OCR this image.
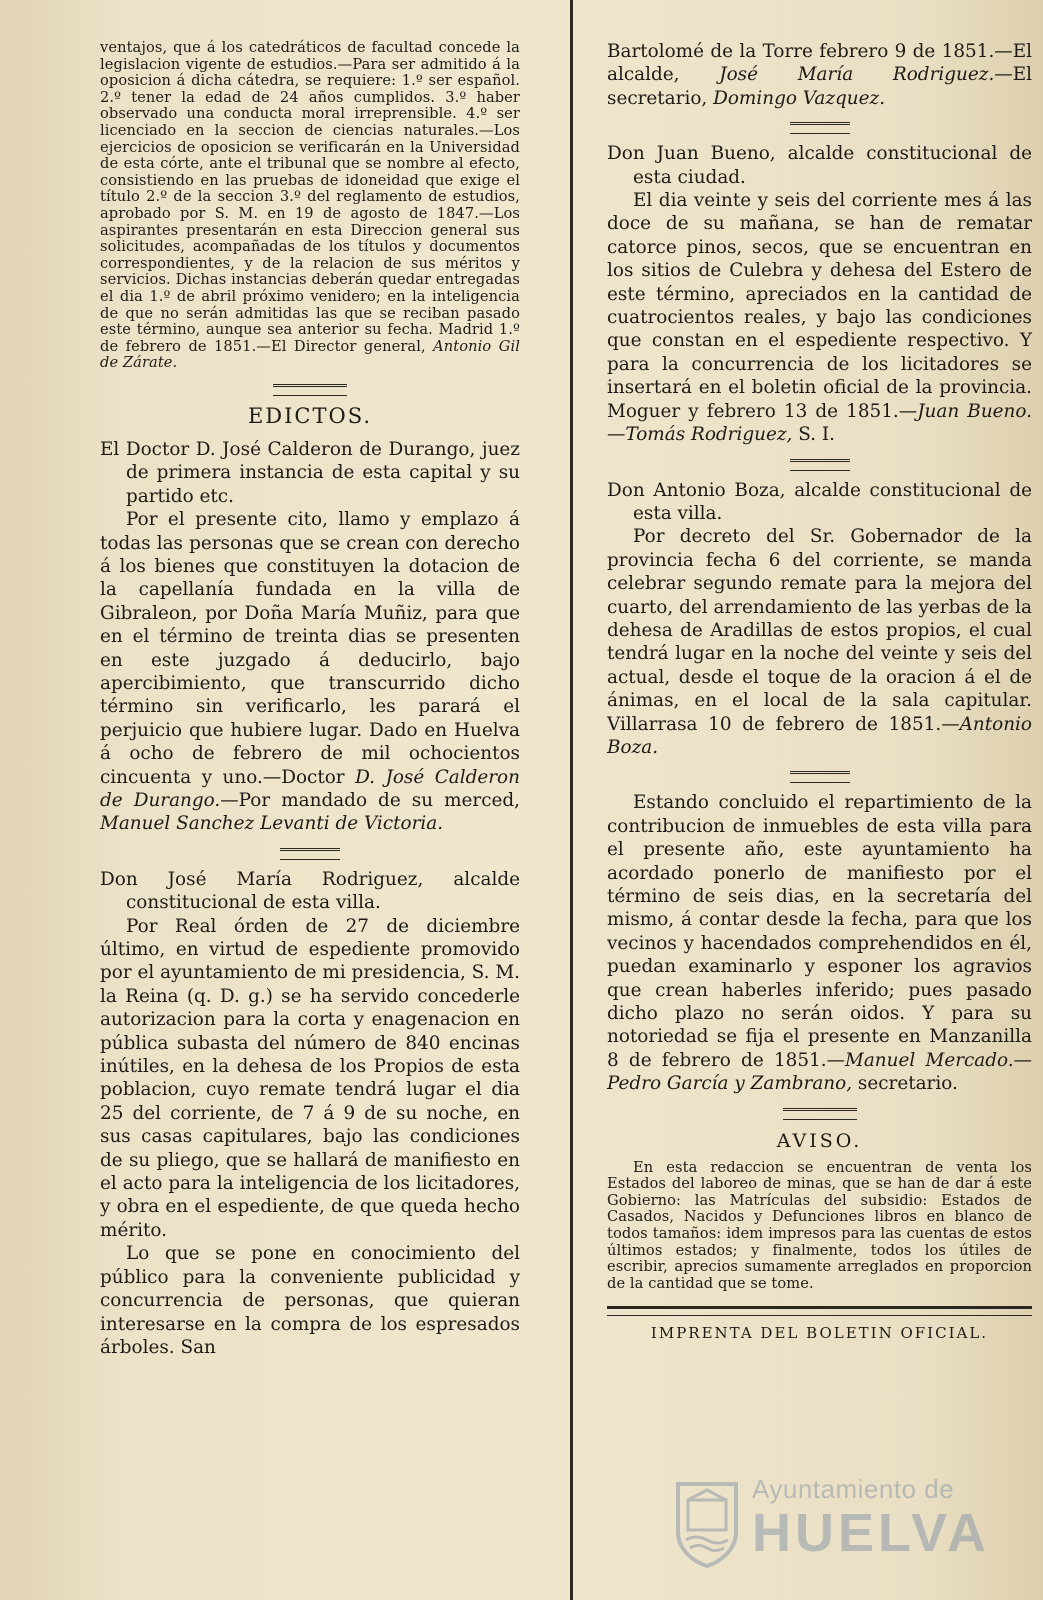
ventajos, que á los catedráticos de facultad concede la legislacion vigente de estudios.—Para ser admitido á la oposicion á dicha cátedra, se requiere: 1.º ser español. 2.º tener la edad de 24 años cumplidos. 3.º haber observado una conducta moral irreprensible. 4.º ser licenciado en la seccion de ciencias naturales.—Los ejercicios de oposicion se verificarán en la Universidad de esta córte, ante el tribunal que se nombre al efecto, consistiendo en las pruebas de idoneidad que exige el título 2.º de la seccion 3.º del reglamento de estudios, aprobado por S. M. en 19 de agosto de 1847.—Los aspirantes presentarán en esta Direccion general sus solicitudes, acompañadas de los títulos y documentos correspondientes, y de la relacion de sus méritos y servicios. Dichas instancias deberán quedar entregadas el dia 1.º de abril próximo venidero; en la inteligencia de que no serán admitidas las que se reciban pasado este término, aunque sea anterior su fecha. Madrid 1.º de febrero de 1851.—El Director general, Antonio Gil de Zárate.

EDICTOS.

El Doctor D. José Calderon de Durango, juez de primera instancia de esta capital y su partido etc.

Por el presente cito, llamo y emplazo á todas las personas que se crean con derecho á los bienes que constituyen la dotacion de la capellanía fundada en la villa de Gibraleon, por Doña María Muñiz, para que en el término de treinta dias se presenten en este juzgado á deducirlo, bajo apercibimiento, que transcurrido dicho término sin verificarlo, les parará el perjuicio que hubiere lugar. Dado en Huelva á ocho de febrero de mil ochocientos cincuenta y uno.—Doctor D. José Calderon de Durango.—Por mandado de su merced, Manuel Sanchez Levanti de Victoria.

Don José María Rodriguez, alcalde constitucional de esta villa.

Por Real órden de 27 de diciembre último, en virtud de espediente promovido por el ayuntamiento de mi presidencia, S. M. la Reina (q. D. g.) se ha servido concederle autorizacion para la corta y enagenacion en pública subasta del número de 840 encinas inútiles, en la dehesa de los Propios de esta poblacion, cuyo remate tendrá lugar el dia 25 del corriente, de 7 á 9 de su noche, en sus casas capitulares, bajo las condiciones de su pliego, que se hallará de manifiesto en el acto para la inteligencia de los licitadores, y obra en el espediente, de que queda hecho mérito.

Lo que se pone en conocimiento del público para la conveniente publicidad y concurrencia de personas, que quieran interesarse en la compra de los espresados árboles. San

Bartolomé de la Torre febrero 9 de 1851.—El alcalde, José María Rodriguez.—El secretario, Domingo Vazquez.

Don Juan Bueno, alcalde constitucional de esta ciudad.

El dia veinte y seis del corriente mes á las doce de su mañana, se han de rematar catorce pinos, secos, que se encuentran en los sitios de Culebra y dehesa del Estero de este término, apreciados en la cantidad de cuatrocientos reales, y bajo las condiciones que constan en el espediente respectivo. Y para la concurrencia de los licitadores se insertará en el boletin oficial de la provincia. Moguer y febrero 13 de 1851.—Juan Bueno.—Tomás Rodriguez, S. I.

Don Antonio Boza, alcalde constitucional de esta villa.

Por decreto del Sr. Gobernador de la provincia fecha 6 del corriente, se manda celebrar segundo remate para la mejora del cuarto, del arrendamiento de las yerbas de la dehesa de Aradillas de estos propios, el cual tendrá lugar en la noche del veinte y seis del actual, desde el toque de la oracion á el de ánimas, en el local de la sala capitular. Villarrasa 10 de febrero de 1851.—Antonio Boza.

Estando concluido el repartimiento de la contribucion de inmuebles de esta villa para el presente año, este ayuntamiento ha acordado ponerlo de manifiesto por el término de seis dias, en la secretaría del mismo, á contar desde la fecha, para que los vecinos y hacendados comprehendidos en él, puedan examinarlo y esponer los agravios que crean haberles inferido; pues pasado dicho plazo no serán oidos. Y para su notoriedad se fija el presente en Manzanilla 8 de febrero de 1851.—Manuel Mercado.—Pedro García y Zambrano, secretario.

AVISO.

En esta redaccion se encuentran de venta los Estados del laboreo de minas, que se han de dar á este Gobierno: las Matrículas del subsidio: Estados de Casados, Nacidos y Defunciones libros en blanco de todos tamaños: idem impresos para las cuentas de estos últimos estados; y finalmente, todos los útiles de escribir, aprecios sumamente arreglados en proporcion de la cantidad que se tome.

IMPRENTA DEL BOLETIN OFICIAL.
Ayuntamiento de
HUELVA
